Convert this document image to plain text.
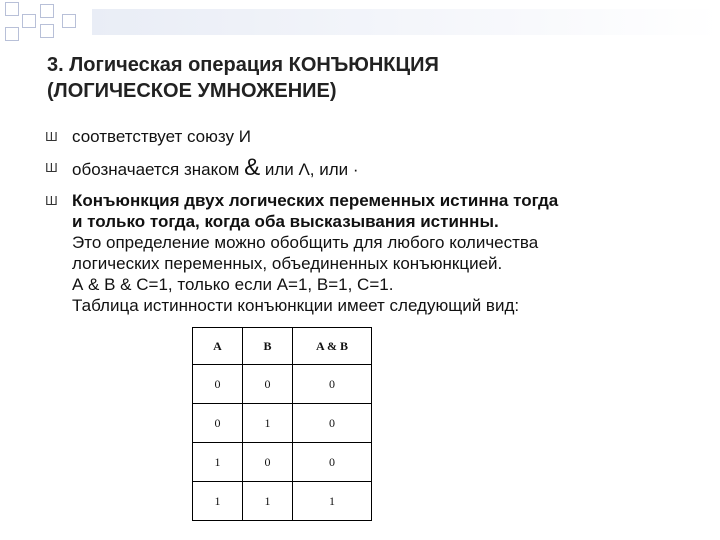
3. Логическая операция КОНЪЮНКЦИЯ
(ЛОГИЧЕСКОЕ УМНОЖЕНИЕ)
Ш соответствует союзу И
Ш обозначается знаком & или Λ, или ·
Ш Конъюнкция двух логических переменных истинна тогда
и только тогда, когда оба высказывания истинны.
Это определение можно обобщить для любого количества
логических переменных, объединенных конъюнкцией.
А & В & С=1, только если А=1, В=1, С=1.
Таблица истинности конъюнкции имеет следующий вид:
A	B	A & B
0	0	0
0	1	0
1	0	0
1	1	1
